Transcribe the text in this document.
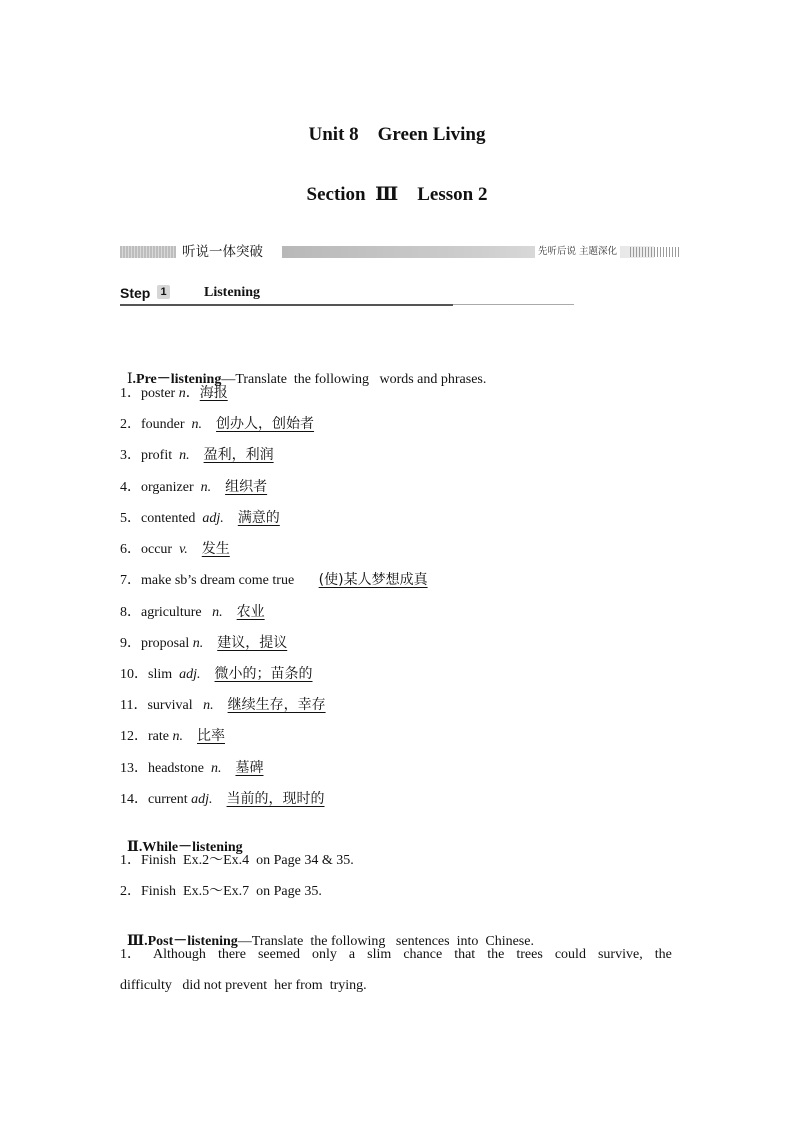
Unit 8    Green Living
Section  Ⅲ    Lesson 2
听说一体突破	先听后说 主题深化
Step 1	Listening

Ⅰ.Pre－listening—Translate  the following   words and phrases.

1．poster n．海报
2．founder  n. 创办人，创始者
3．profit  n. 盈利，利润
4．organizer  n. 组织者
5．contented  adj. 满意的
6．occur  v. 发生
7．make sb’s dream come true (使)某人梦想成真
8．agriculture   n. 农业
9．proposal n. 建议，提议
10．slim  adj. 微小的；苗条的
11．survival   n. 继续生存，幸存
12．rate n. 比率
13．headstone  n. 墓碑
14．current adj. 当前的，现时的

Ⅱ.While－listening

1．Finish  Ex.2～Ex.4  on Page 34 & 35.
2．Finish  Ex.5～Ex.7  on Page 35.

Ⅲ.Post－listening—Translate  the following   sentences  into  Chinese.

1． Although there seemed only a slim chance that the trees could survive, the
difficulty   did not prevent  her from  trying.
